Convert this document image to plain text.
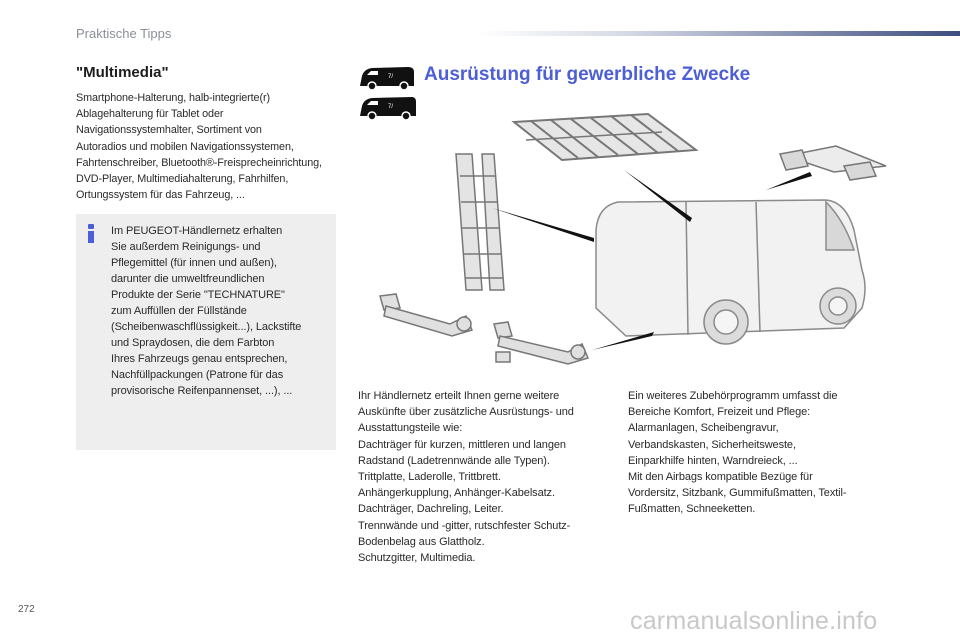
Praktische Tipps
"Multimedia"
Smartphone-Halterung, halb-integrierte(r)
Ablagehalterung für Tablet oder
Navigationssystemhalter, Sortiment von
Autoradios und mobilen Navigationssystemen,
Fahrtenschreiber, Bluetooth®-Freisprecheinrichtung,
DVD-Player, Multimediahalterung, Fahrhilfen,
Ortungssystem für das Fahrzeug, ...
Im PEUGEOT-Händlernetz erhalten
Sie außerdem Reinigungs- und
Pflegemittel (für innen und außen),
darunter die umweltfreundlichen
Produkte der Serie "TECHNATURE"
zum Auffüllen der Füllstände
(Scheibenwaschflüssigkeit...), Lackstifte
und Spraydosen, die dem Farbton
Ihres Fahrzeugs genau entsprechen,
Nachfüllpackungen (Patrone für das
provisorische Reifenpannenset, ...), ...
7/
7/
Ausrüstung für gewerbliche Zwecke
Ihr Händlernetz erteilt Ihnen gerne weitere
Auskünfte über zusätzliche Ausrüstungs- und
Ausstattungsteile wie:
Dachträger für kurzen, mittleren und langen
Radstand (Ladetrennwände alle Typen).
Trittplatte, Laderolle, Trittbrett.
Anhängerkupplung, Anhänger-Kabelsatz.
Dachträger, Dachreling, Leiter.
Trennwände und -gitter, rutschfester Schutz-
Bodenbelag aus Glattholz.
Schutzgitter, Multimedia.
Ein weiteres Zubehörprogramm umfasst die
Bereiche Komfort, Freizeit und Pflege:
Alarmanlagen, Scheibengravur,
Verbandskasten, Sicherheitsweste,
Einparkhilfe hinten, Warndreieck, ...
Mit den Airbags kompatible Bezüge für
Vordersitz, Sitzbank, Gummifußmatten, Textil-
Fußmatten, Schneeketten.
272	carmanualsonline.info
